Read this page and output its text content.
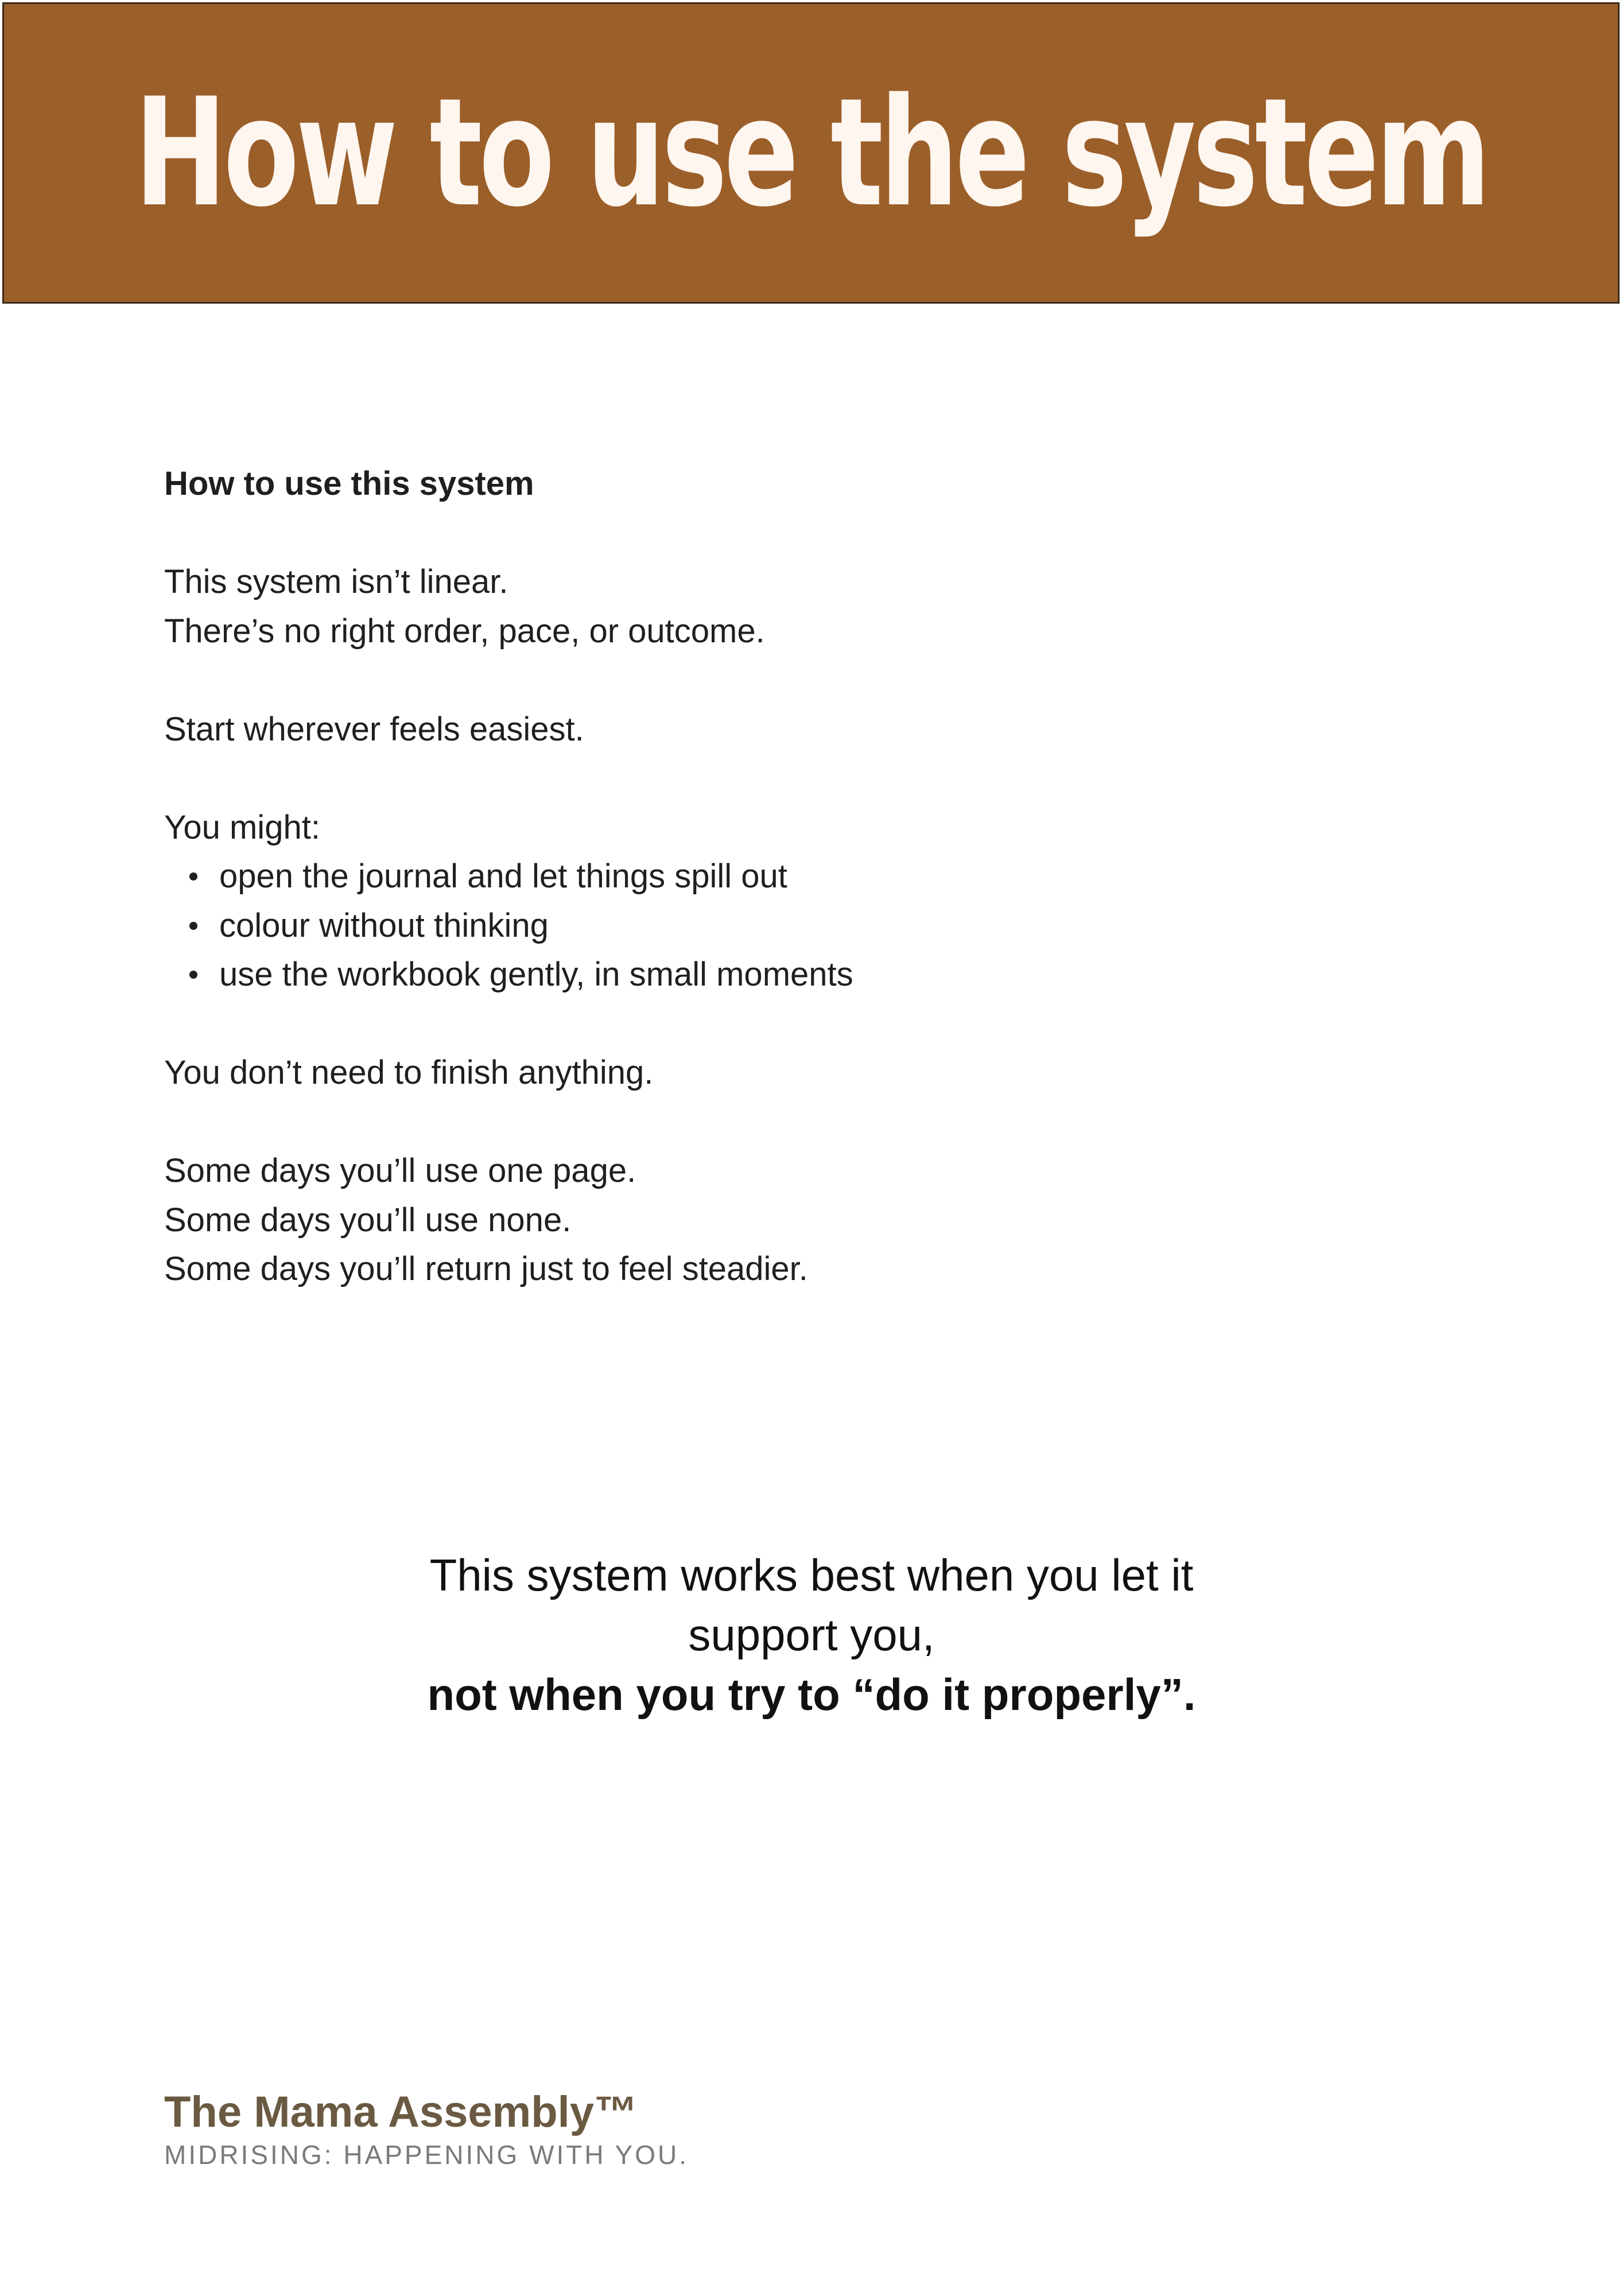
How to use the system
How to use this system
This system isn’t linear.
There’s no right order, pace, or outcome.
Start wherever feels easiest.
You might:
open the journal and let things spill out
colour without thinking
use the workbook gently, in small moments
You don’t need to finish anything.
Some days you’ll use one page.
Some days you’ll use none.
Some days you’ll return just to feel steadier.
This system works best when you let it
support you,
not when you try to “do it properly”.
The Mama Assembly™
MIDRISING: HAPPENING WITH YOU.
